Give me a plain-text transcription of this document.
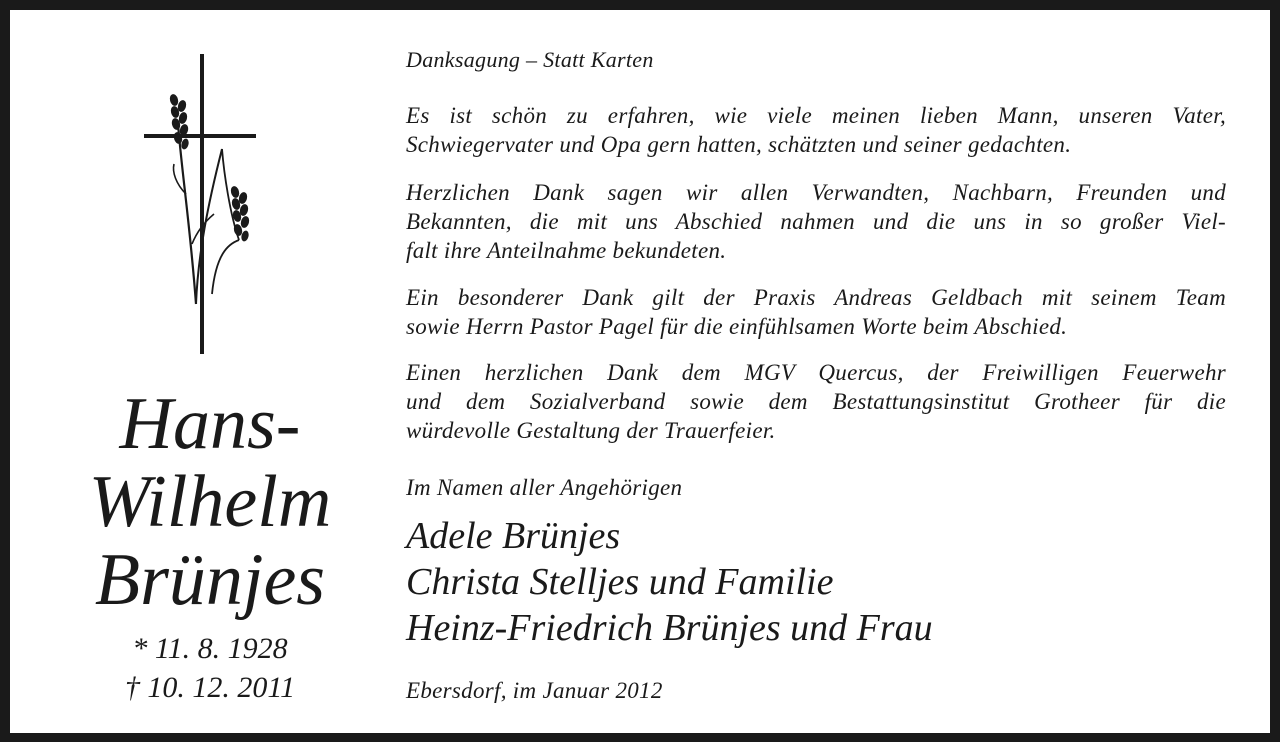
Hans-
Wilhelm
Brünjes
* 11. 8. 1928
† 10. 12. 2011
Danksagung – Statt Karten
Es ist schön zu erfahren, wie viele meinen lieben Mann, unseren Vater,
Schwiegervater und Opa gern hatten, schätzten und seiner gedachten.
Herzlichen Dank sagen wir allen Verwandten, Nachbarn, Freunden und
Bekannten, die mit uns Abschied nahmen und die uns in so großer Viel-
falt ihre Anteilnahme bekundeten.
Ein besonderer Dank gilt der Praxis Andreas Geldbach mit seinem Team
sowie Herrn Pastor Pagel für die einfühlsamen Worte beim Abschied.
Einen herzlichen Dank dem MGV Quercus, der Freiwilligen Feuerwehr
und dem Sozialverband sowie dem Bestattungsinstitut Grotheer für die
würdevolle Gestaltung der Trauerfeier.
Im Namen aller Angehörigen
Adele Brünjes
Christa Stelljes und Familie
Heinz-Friedrich Brünjes und Frau
Ebersdorf, im Januar 2012
